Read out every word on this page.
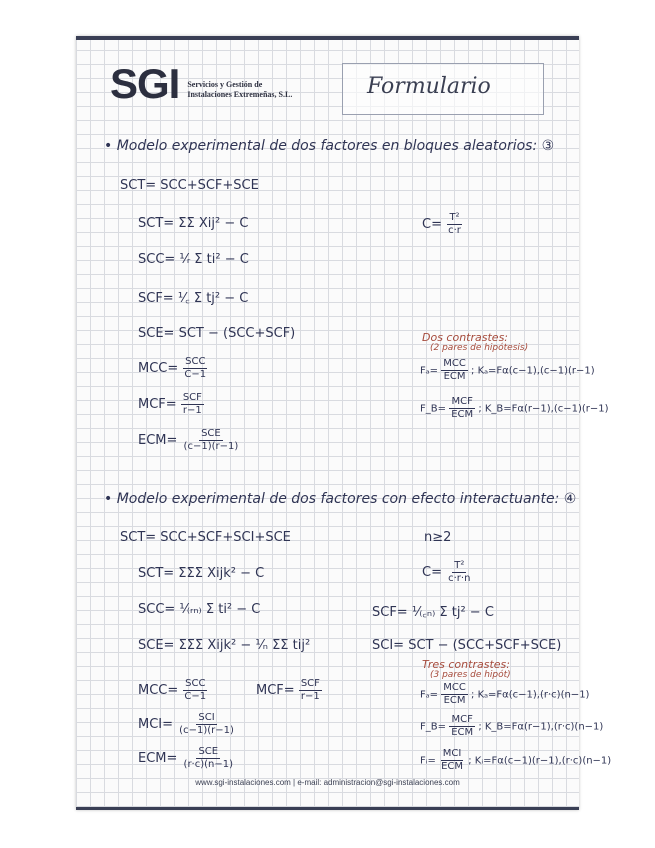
SGI Servicios y Gestión de
Instalaciones Extremeñas, S.L.	Formulario
• Modelo experimental de dos factores en bloques aleatorios: ③
SCT= SCC+SCF+SCE
SCT= ΣΣ Xij² − C	$C= \frac{\text{T²}}{c\cdot r}$
SCC= ¹⁄ᵣ Σ ti² − C
SCF= ¹⁄꜀ Σ tj² − C
SCE= SCT − (SCC+SCF)	Dos contrastes:
(2 pares de hipótesis)
$MCC= \frac{\text{SCC}}{C-1}$	$F_a= \frac{\text{MCC}}{\text{ECM}}$ ; Kₐ=Fα(c−1),(c−1)(r−1)
$MCF= \frac{\text{SCF}}{r-1}$	F_B= $\frac{\text{MCF}}{\text{ECM}}$ ; K_B=Fα(r−1),(c−1)(r−1)
$ECM= \frac{\text{SCE}}{(c-1)(r-1)}$
• Modelo experimental de dos factores con efecto interactuante: ④
SCT= SCC+SCF+SCI+SCE	n≥2
SCT= ΣΣΣ Xijk² − C	$C= \frac{\text{T²}}{c\cdot r\cdot n}$
SCC= ¹⁄₍ᵣₙ₎ Σ ti² − C	SCF= ¹⁄₍꜀ₙ₎ Σ tj² − C
SCE= ΣΣΣ Xijk² − ¹⁄ₙ ΣΣ tij²	SCI= SCT − (SCC+SCF+SCE)
Tres contrastes:
$MCC= \frac{\text{SCC}}{C-1}$	$MCF= \frac{\text{SCF}}{r-1}$
(3 pares de hipót)
$F_a= \frac{\text{MCC}}{\text{ECM}}$ ; Kₐ=Fα(c−1),(r·c)(n−1)
$MCI= \frac{\text{SCI}}{(c-1)(r-1)}$	F_B= $\frac{\text{MCF}}{\text{ECM}}$ ; K_B=Fα(r−1),(r·c)(n−1)
$ECM= \frac{\text{SCE}}{(r\cdot c)(n-1)}$	Fᵢ= $\frac{\text{MCI}}{\text{ECM}}$ ; Kᵢ=Fα(c−1)(r−1),(r·c)(n−1)
www.sgi-instalaciones.com | e-mail: administracion@sgi-instalaciones.com
